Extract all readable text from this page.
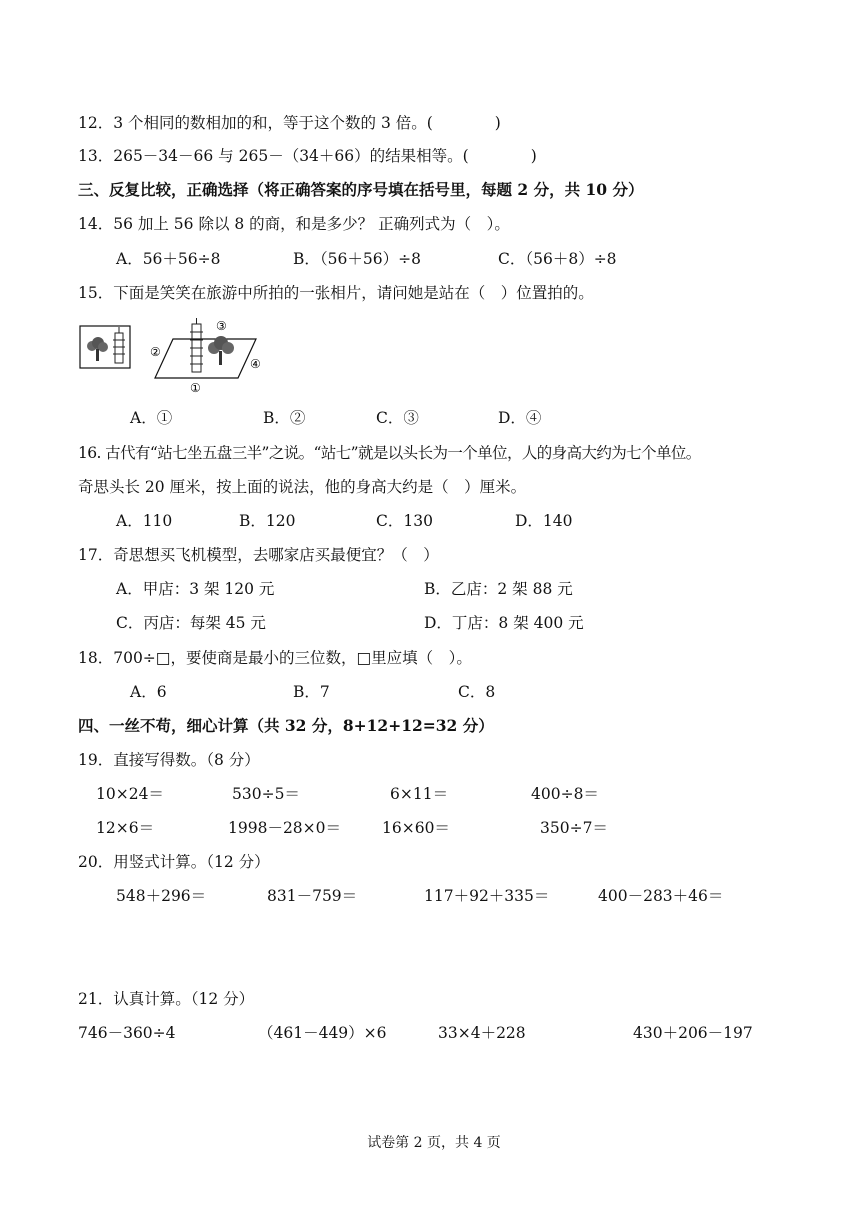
12．3 个相同的数相加的和，等于这个数的 3 倍。(　　　　)
13．265－34－66 与 265－（34＋66）的结果相等。(　　　　)
三、反复比较，正确选择（将正确答案的序号填在括号里，每题 2 分，共 10 分）
14．56 加上 56 除以 8 的商，和是多少？ 正确列式为（　）。
A．56＋56÷8	B．（56＋56）÷8	C．（56＋8）÷8
15．下面是笑笑在旅游中所拍的一张相片，请问她是站在（　）位置拍的。
③
②
④
①
A．①	B．②	C．③	D．④
16. 古代有“站七坐五盘三半”之说。“站七”就是以头长为一个单位，人的身高大约为七个单位。
奇思头长 20 厘米，按上面的说法，他的身高大约是（　）厘米。
A．110	B．120	C．130	D．140
17．奇思想买飞机模型，去哪家店买最便宜？（　）
A．甲店：3 架 120 元	B．乙店：2 架 88 元
C．丙店：每架 45 元	D．丁店：8 架 400 元
18．700÷□，要使商是最小的三位数，□里应填（　）。
A．6	B．7	C．8
四、一丝不苟，细心计算（共 32 分，8+12+12=32 分）
19．直接写得数。（8 分）
10×24＝	530÷5＝	6×11＝	400÷8＝
12×6＝	1998－28×0＝	16×60＝	350÷7＝
20．用竖式计算。（12 分）
548＋296＝	831－759＝	117＋92＋335＝	400－283＋46＝
21．认真计算。（12 分）
746－360÷4	（461－449）×6	33×4＋228	430＋206－197
试卷第 2 页，共 4 页
